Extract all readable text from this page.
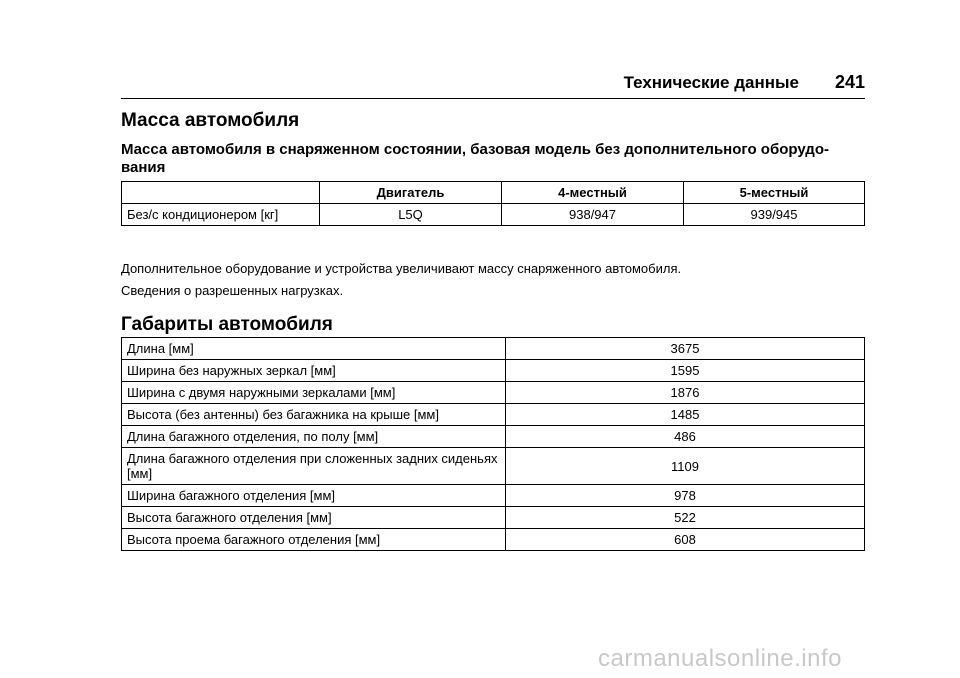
Технические данные 241
Масса автомобиля
Масса автомобиля в снаряженном состоянии, базовая модель без дополнительного оборудо-вания
	Двигатель	4-местный	5-местный
Без/с кондиционером [кг]	L5Q	938/947	939/945
Дополнительное оборудование и устройства увеличивают массу снаряженного автомобиля.
Сведения о разрешенных нагрузках.
Габариты автомобиля
Длина [мм]	3675
Ширина без наружных зеркал [мм]	1595
Ширина с двумя наружными зеркалами [мм]	1876
Высота (без антенны) без багажника на крыше [мм]	1485
Длина багажного отделения, по полу [мм]	486
Длина багажного отделения при сложенных задних сиденьях [мм]	1109
Ширина багажного отделения [мм]	978
Высота багажного отделения [мм]	522
Высота проема багажного отделения [мм]	608
carmanualsonline.info
